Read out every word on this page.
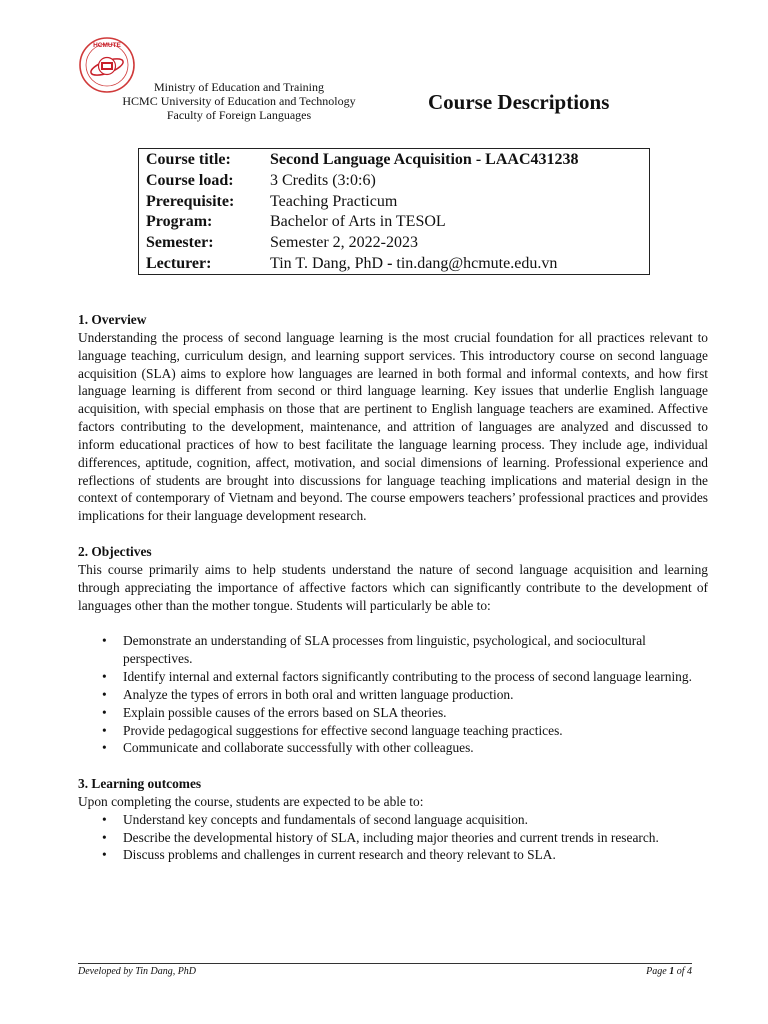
HCMUTE
Ministry of Education and Training
HCMC University of Education and Technology
Faculty of Foreign Languages
Course Descriptions
Course title:	Second Language Acquisition - LAAC431238
Course load:	3 Credits (3:0:6)
Prerequisite:	Teaching Practicum
Program:	Bachelor of Arts in TESOL
Semester:	Semester 2, 2022-2023
Lecturer:	Tin T. Dang, PhD - tin.dang@hcmute.edu.vn
1. Overview

Understanding the process of second language learning is the most crucial foundation for all practices relevant to language teaching, curriculum design, and learning support services. This introductory course on second language acquisition (SLA) aims to explore how languages are learned in both formal and informal contexts, and how first language learning is different from second or third language learning. Key issues that underlie English language acquisition, with special emphasis on those that are pertinent to English language teachers are examined. Affective factors contributing to the development, maintenance, and attrition of languages are analyzed and discussed to inform educational practices of how to best facilitate the language learning process. They include age, individual differences, aptitude, cognition, affect, motivation, and social dimensions of learning. Professional experience and reflections of students are brought into discussions for language teaching implications and material design in the context of contemporary of Vietnam and beyond. The course empowers teachers’ professional practices and provides implications for their language development research.

2. Objectives

This course primarily aims to help students understand the nature of second language acquisition and learning through appreciating the importance of affective factors which can significantly contribute to the development of languages other than the mother tongue. Students will particularly be able to:

• Demonstrate an understanding of SLA processes from linguistic, psychological, and sociocultural perspectives.
• Identify internal and external factors significantly contributing to the process of second language learning.
• Analyze the types of errors in both oral and written language production.
• Explain possible causes of the errors based on SLA theories.
• Provide pedagogical suggestions for effective second language teaching practices.
• Communicate and collaborate successfully with other colleagues.
3. Learning outcomes
Upon completing the course, students are expected to be able to:
• Understand key concepts and fundamentals of second language acquisition.
• Describe the developmental history of SLA, including major theories and current trends in research.
• Discuss problems and challenges in current research and theory relevant to SLA.
Developed by Tin Dang, PhD	Page 1 of 4
